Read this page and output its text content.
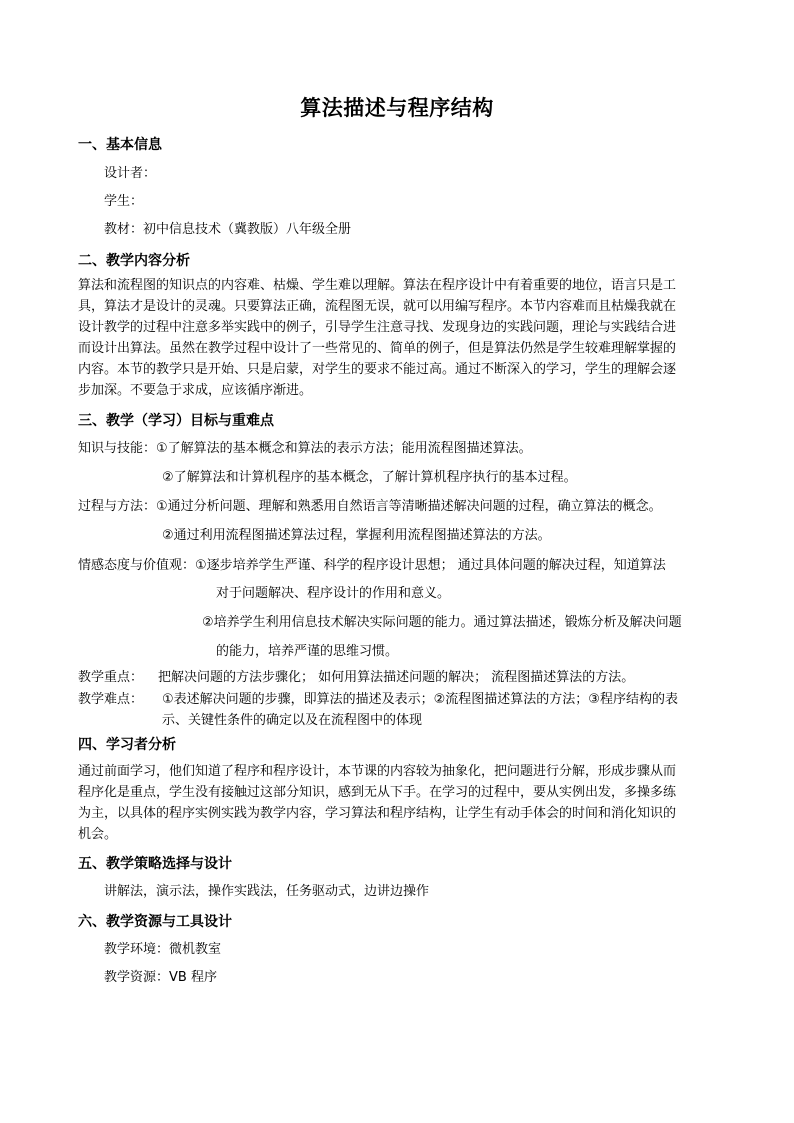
算法描述与程序结构
一、基本信息
设计者：
学生：
教材：初中信息技术（冀教版）八年级全册
二、教学内容分析
算法和流程图的知识点的内容难、枯燥、学生难以理解。算法在程序设计中有着重要的地位，语言只是工
具，算法才是设计的灵魂。只要算法正确，流程图无误，就可以用编写程序。本节内容难而且枯燥我就在
设计教学的过程中注意多举实践中的例子，引导学生注意寻找、发现身边的实践问题，理论与实践结合进
而设计出算法。虽然在教学过程中设计了一些常见的、简单的例子，但是算法仍然是学生较难理解掌握的
内容。本节的教学只是开始、只是启蒙，对学生的要求不能过高。通过不断深入的学习，学生的理解会逐
步加深。不要急于求成，应该循序渐进。
三、教学（学习）目标与重难点
知识与技能：①了解算法的基本概念和算法的表示方法；能用流程图描述算法。
②了解算法和计算机程序的基本概念，了解计算机程序执行的基本过程。
过程与方法：①通过分析问题、理解和熟悉用自然语言等清晰描述解决问题的过程，确立算法的概念。
②通过利用流程图描述算法过程，掌握利用流程图描述算法的方法。
情感态度与价值观：①逐步培养学生严谨、科学的程序设计思想； 通过具体问题的解决过程，知道算法
对于问题解决、程序设计的作用和意义。
②培养学生利用信息技术解决实际问题的能力。通过算法描述，锻炼分析及解决问题
的能力，培养严谨的思维习惯。
教学重点： 把解决问题的方法步骤化； 如何用算法描述问题的解决； 流程图描述算法的方法。
教学难点： ①表述解决问题的步骤，即算法的描述及表示；②流程图描述算法的方法；③程序结构的表
示、关键性条件的确定以及在流程图中的体现
四、学习者分析
通过前面学习，他们知道了程序和程序设计，本节课的内容较为抽象化，把问题进行分解，形成步骤从而
程序化是重点，学生没有接触过这部分知识，感到无从下手。在学习的过程中，要从实例出发，多操多练
为主，以具体的程序实例实践为教学内容，学习算法和程序结构，让学生有动手体会的时间和消化知识的
机会。
五、教学策略选择与设计
讲解法，演示法，操作实践法，任务驱动式，边讲边操作
六、教学资源与工具设计
教学环境：微机教室
教学资源：VB 程序
